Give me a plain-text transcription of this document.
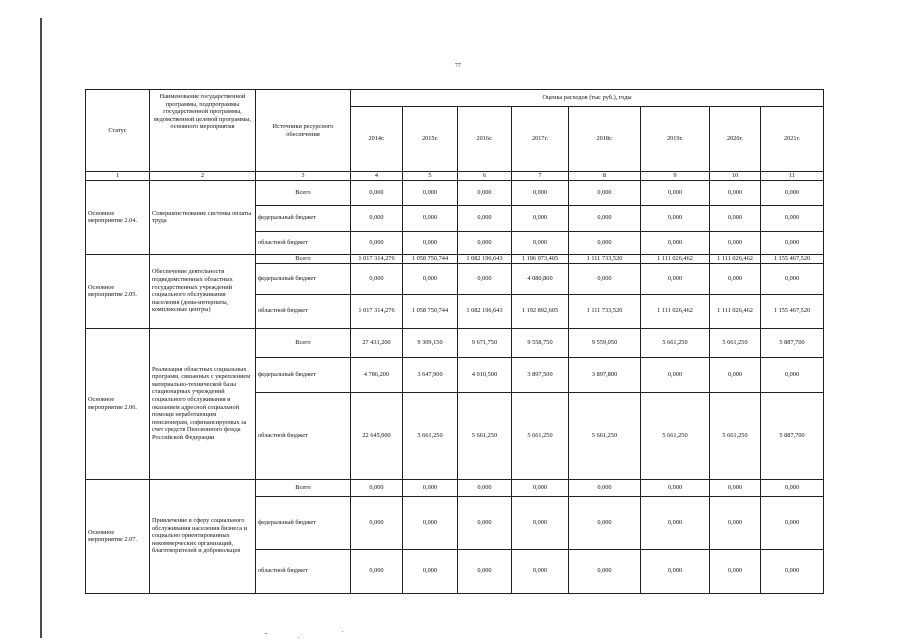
77
Статус	Наименование государственной программы, подпрограммы государственной программы, ведомственной целевой программы, основного мероприятия	Источники ресурсного обеспечения	Оценка расходов (тыс руб.), годы							
			2014г.	2015г.	2016г.	2017г.	2018г.	2019г.	2020г.	2021г.
1	2	3	4	5	6	7	8	9	10	11
Основное мероприятие 2.04.	Совершенствование системы оплаты труда	Всего	0,000	0,000	0,000	0,000	0,000	0,000	0,000	0,000
		федеральный бюджет	0,000	0,000	0,000	0,000	0,000	0,000	0,000	0,000
		областной бюджет	0,000	0,000	0,000	0,000	0,000	0,000	0,000	0,000
Основное мероприятие 2.05.	Обеспечение деятельности подведомственных областных государственных учреждений социального обслуживания населения (дома-интернаты, комплексные центры)	Всего	1 017 314,276	1 058 750,744	1 082 196,643	1 196 973,405	1 111 733,520	1 111 026,462	1 111 026,462	1 155 467,520
		федеральный бюджет	0,000	0,000	0,000	4 080,800	0,000	0,000	0,000	0,000
		областной бюджет	1 017 314,276	1 058 750,744	1 082 196,643	1 192 892,605	1 111 733,520	1 111 026,462	1 111 026,462	1 155 467,520
Основное мероприятие 2.06.	Реализация областных социальных программ, связанных с укреплением материально-технической базы стационарных учреждений социального обслуживания и оказанием адресной социальной помощи неработающим пенсионерам, софинансируемых за счет средств Пенсионного фонда Российской Федерации	Всего	27 431,200	9 309,150	9 671,750	9 558,750	9 559,050	5 661,250	5 661,250	5 887,700
		федеральный бюджет	4 786,200	3 647,900	4 010,500	3 897,500	3 897,800	0,000	0,000	0,000
		областной бюджет	22 645,000	5 661,250	5 661,250	5 661,250	5 661,250	5 661,250	5 661,250	5 887,700
Основное мероприятие 2.07.	Привлечение в сферу социального обслуживания населения бизнеса и социально ориентированных некоммерческих организаций, благотворителей и добровольцев	Всего	0,000	0,000	0,000	0,000	0,000	0,000	0,000	0,000
		федеральный бюджет	0,000	0,000	0,000	0,000	0,000	0,000	0,000	0,000
		областной бюджет	0,000	0,000	0,000	0,000	0,000	0,000	0,000	0,000
